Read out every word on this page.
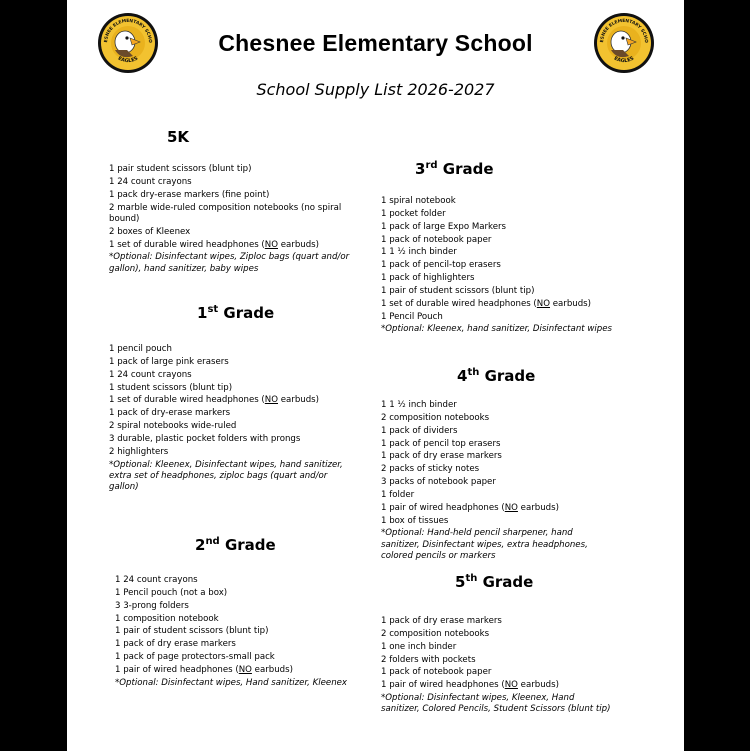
ESNEE ELEMENTARY SCHO
EAGLES
ESNEE ELEMENTARY SCHO
EAGLES
Chesnee Elementary School
School Supply List 2026-2027
5K
1 pair student scissors (blunt tip)
1 24 count crayons
1 pack dry-erase markers (fine point)
2 marble wide-ruled composition notebooks (no spiral bound)
2 boxes of Kleenex
1 set of durable wired headphones (NO earbuds)
*Optional: Disinfectant wipes, Ziploc bags (quart and/or gallon), hand sanitizer, baby wipes
1st Grade
1 pencil pouch
1 pack of large pink erasers
1 24 count crayons
1 student scissors (blunt tip)
1 set of durable wired headphones (NO earbuds)
1 pack of dry-erase markers
2 spiral notebooks wide-ruled
3 durable, plastic pocket folders with prongs
2 highlighters
*Optional: Kleenex, Disinfectant wipes, hand sanitizer, extra set of headphones, ziploc bags (quart and/or gallon)
2nd Grade
1 24 count crayons
1 Pencil pouch (not a box)
3 3-prong folders
1 composition notebook
1 pair of student scissors (blunt tip)
1 pack of dry erase markers
1 pack of page protectors-small pack
1 pair of wired headphones (NO earbuds)
*Optional: Disinfectant wipes, Hand sanitizer, Kleenex
3rd Grade
1 spiral notebook
1 pocket folder
1 pack of large Expo Markers
1 pack of notebook paper
1 1 ½ inch binder
1 pack of pencil-top erasers
1 pack of highlighters
1 pair of student scissors (blunt tip)
1 set of durable wired headphones (NO earbuds)
1 Pencil Pouch
*Optional: Kleenex, hand sanitizer, Disinfectant wipes
4th Grade
1 1 ½ inch binder
2 composition notebooks
1 pack of dividers
1 pack of pencil top erasers
1 pack of dry erase markers
2 packs of sticky notes
3 packs of notebook paper
1 folder
1 pair of wired headphones (NO earbuds)
1 box of tissues
*Optional: Hand-held pencil sharpener, hand sanitizer, Disinfectant wipes, extra headphones, colored pencils or markers
5th Grade
1 pack of dry erase markers
2 composition notebooks
1 one inch binder
2 folders with pockets
1 pack of notebook paper
1 pair of wired headphones (NO earbuds)
*Optional: Disinfectant wipes, Kleenex, Hand sanitizer, Colored Pencils, Student Scissors (blunt tip)
